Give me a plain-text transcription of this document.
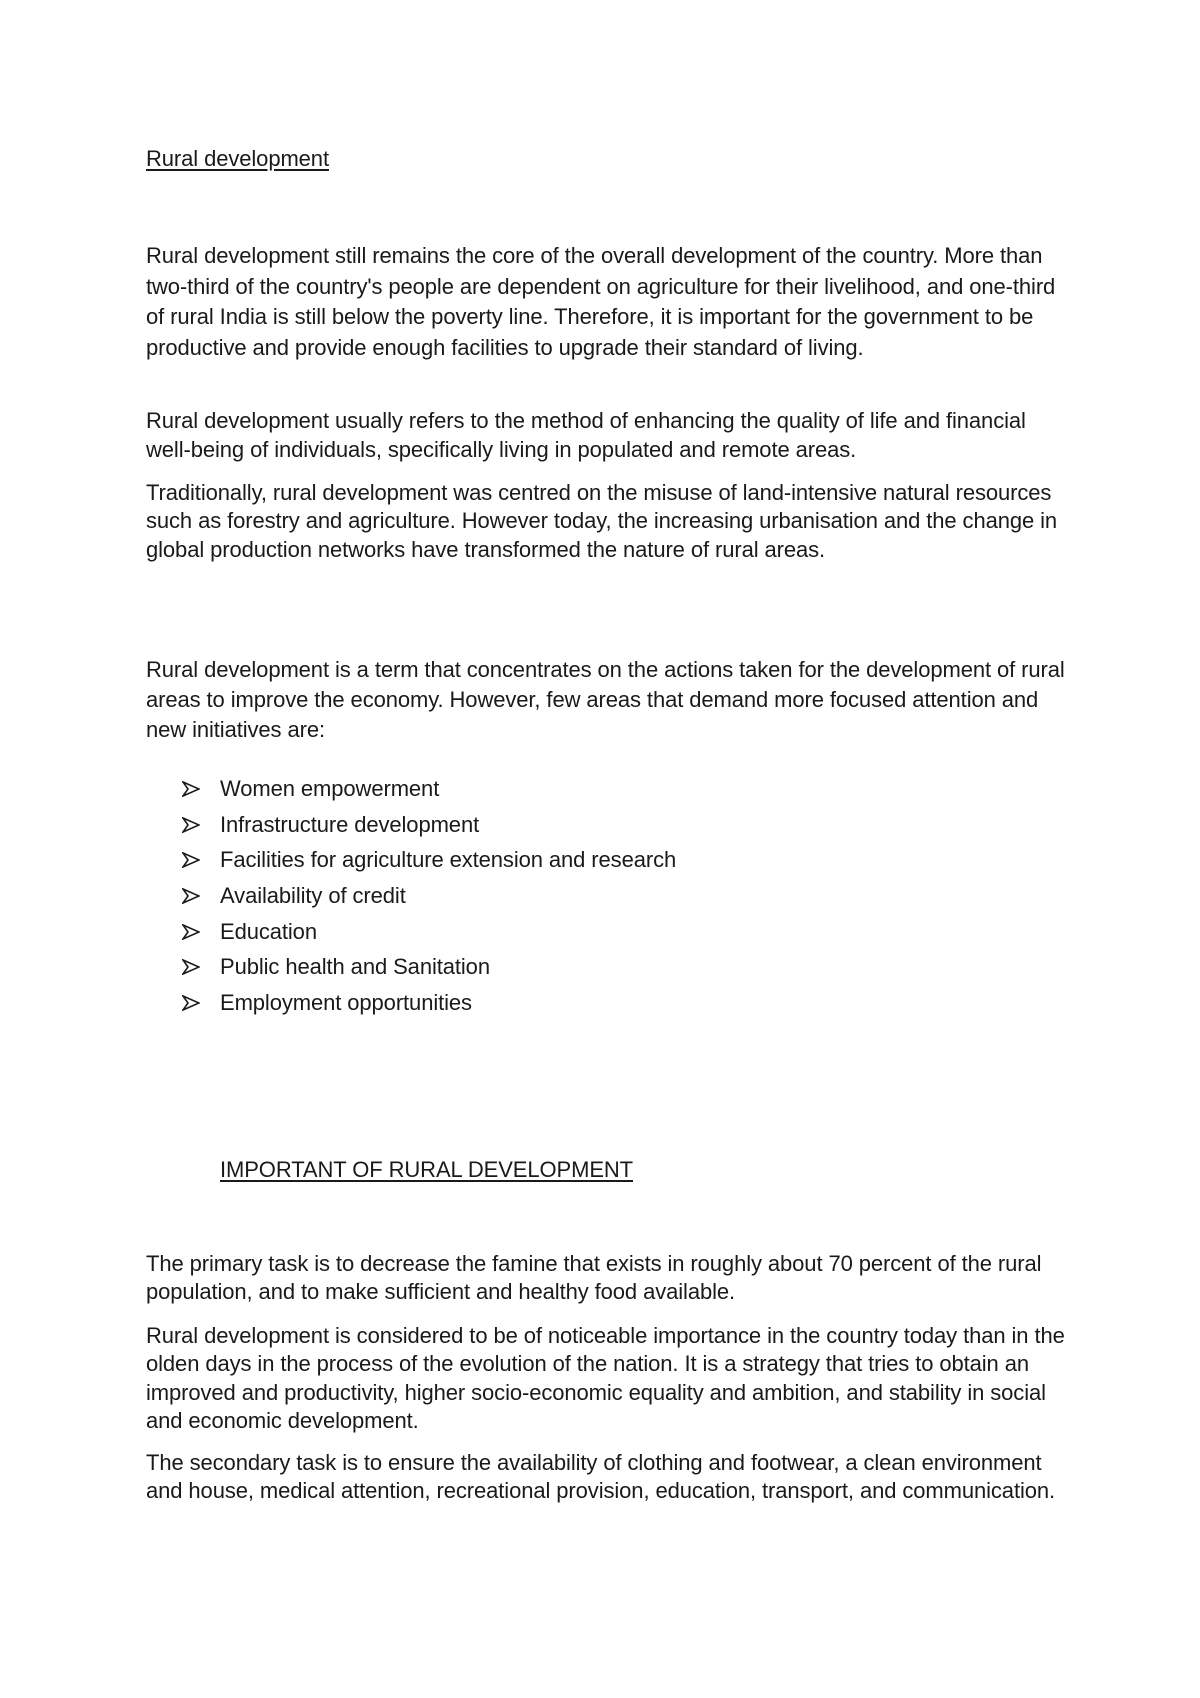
Rural development

Rural development still remains the core of the overall development of the country. More than two-third of the country's people are dependent on agriculture for their livelihood, and one-third of rural India is still below the poverty line. Therefore, it is important for the government to be productive and provide enough facilities to upgrade their standard of living.

Rural development usually refers to the method of enhancing the quality of life and financial well-being of individuals, specifically living in populated and remote areas.

Traditionally, rural development was centred on the misuse of land-intensive natural resources such as forestry and agriculture. However today, the increasing urbanisation and the change in global production networks have transformed the nature of rural areas.

Rural development is a term that concentrates on the actions taken for the development of rural areas to improve the economy. However, few areas that demand more focused attention and new initiatives are:

Women empowerment
Infrastructure development
Facilities for agriculture extension and research
Availability of credit
Education
Public health and Sanitation
Employment opportunities
IMPORTANT OF RURAL DEVELOPMENT

The primary task is to decrease the famine that exists in roughly about 70 percent of the rural population, and to make sufficient and healthy food available.

Rural development is considered to be of noticeable importance in the country today than in the olden days in the process of the evolution of the nation. It is a strategy that tries to obtain an improved and productivity, higher socio-economic equality and ambition, and stability in social and economic development.

The secondary task is to ensure the availability of clothing and footwear, a clean environment and house, medical attention, recreational provision, education, transport, and communication.
